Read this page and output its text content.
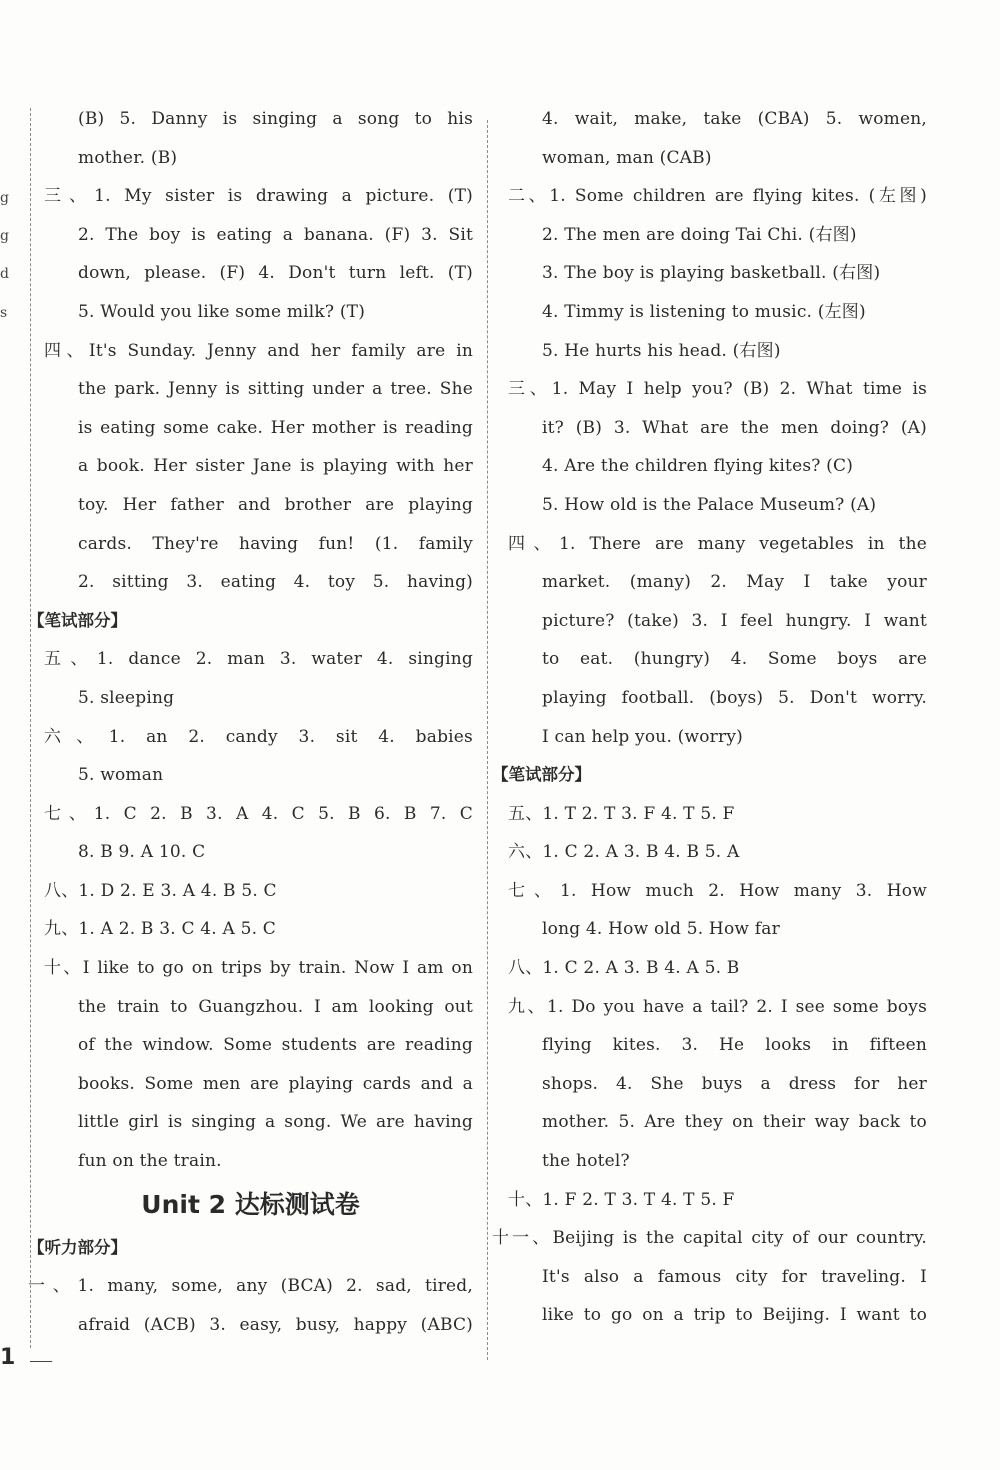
g
g
d
s
(B) 5. Danny is singing a song to his
mother. (B)
三、1. My sister is drawing a picture. (T)
2. The boy is eating a banana. (F) 3. Sit
down, please. (F) 4. Don't turn left. (T)
5. Would you like some milk? (T)
四、It's Sunday. Jenny and her family are in
the park. Jenny is sitting under a tree. She
is eating some cake. Her mother is reading
a book. Her sister Jane is playing with her
toy. Her father and brother are playing
cards. They're having fun! (1. family
2. sitting 3. eating 4. toy 5. having)
【笔试部分】
五、1. dance 2. man 3. water 4. singing
5. sleeping
六、1. an 2. candy 3. sit 4. babies
5. woman
七、1. C 2. B 3. A 4. C 5. B 6. B 7. C
8. B 9. A 10. C
八、1. D 2. E 3. A 4. B 5. C
九、1. A 2. B 3. C 4. A 5. C
十、I like to go on trips by train. Now I am on
the train to Guangzhou. I am looking out
of the window. Some students are reading
books. Some men are playing cards and a
little girl is singing a song. We are having
fun on the train.
Unit 2 达标测试卷
【听力部分】
一、1. many, some, any (BCA) 2. sad, tired,
afraid (ACB) 3. easy, busy, happy (ABC)
4. wait, make, take (CBA) 5. women,
woman, man (CAB)
二、1. Some children are flying kites. (左图)
2. The men are doing Tai Chi. (右图)
3. The boy is playing basketball. (右图)
4. Timmy is listening to music. (左图)
5. He hurts his head. (右图)
三、1. May I help you? (B) 2. What time is
it? (B) 3. What are the men doing? (A)
4. Are the children flying kites? (C)
5. How old is the Palace Museum? (A)
四、1. There are many vegetables in the
market. (many) 2. May I take your
picture? (take) 3. I feel hungry. I want
to eat. (hungry) 4. Some boys are
playing football. (boys) 5. Don't worry.
I can help you. (worry)
【笔试部分】
五、1. T 2. T 3. F 4. T 5. F
六、1. C 2. A 3. B 4. B 5. A
七、1. How much 2. How many 3. How
long 4. How old 5. How far
八、1. C 2. A 3. B 4. A 5. B
九、1. Do you have a tail? 2. I see some boys
flying kites. 3. He looks in fifteen
shops. 4. She buys a dress for her
mother. 5. Are they on their way back to
the hotel?
十、1. F 2. T 3. T 4. T 5. F
十一、Beijing is the capital city of our country.
It's also a famous city for traveling. I
like to go on a trip to Beijing. I want to
1
